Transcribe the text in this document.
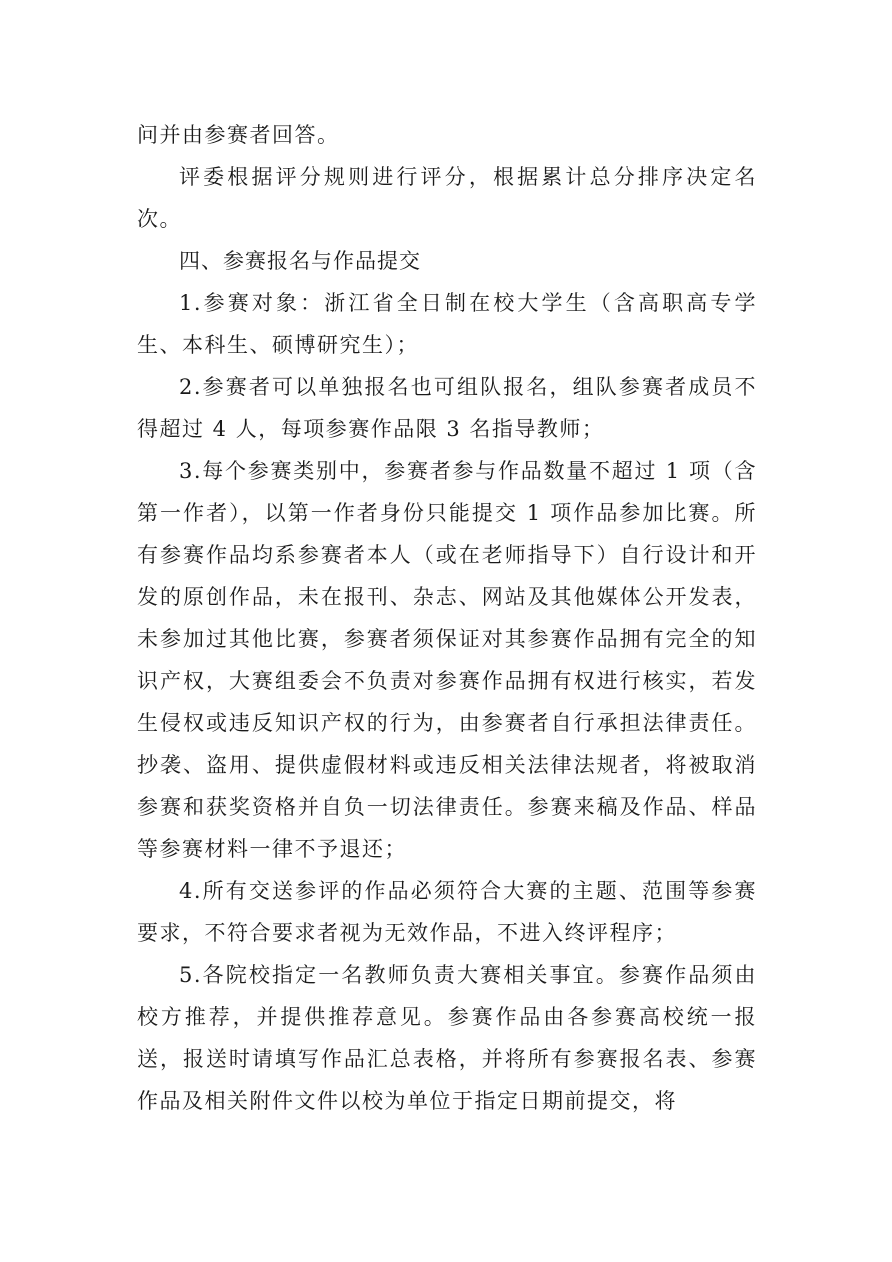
问并由参赛者回答。

评委根据评分规则进行评分，根据累计总分排序决定名次。

四、参赛报名与作品提交

1.参赛对象：浙江省全日制在校大学生（含高职高专学生、本科生、硕博研究生）；

2.参赛者可以单独报名也可组队报名，组队参赛者成员不得超过 4 人，每项参赛作品限 3 名指导教师；

3.每个参赛类别中，参赛者参与作品数量不超过 1 项（含第一作者），以第一作者身份只能提交 1 项作品参加比赛。所有参赛作品均系参赛者本人（或在老师指导下）自行设计和开发的原创作品，未在报刊、杂志、网站及其他媒体公开发表，未参加过其他比赛，参赛者须保证对其参赛作品拥有完全的知识产权，大赛组委会不负责对参赛作品拥有权进行核实，若发生侵权或违反知识产权的行为，由参赛者自行承担法律责任。抄袭、盗用、提供虚假材料或违反相关法律法规者，将被取消参赛和获奖资格并自负一切法律责任。参赛来稿及作品、样品等参赛材料一律不予退还；

4.所有交送参评的作品必须符合大赛的主题、范围等参赛要求，不符合要求者视为无效作品，不进入终评程序；

5.各院校指定一名教师负责大赛相关事宜。参赛作品须由校方推荐，并提供推荐意见。参赛作品由各参赛高校统一报送，报送时请填写作品汇总表格，并将所有参赛报名表、参赛作品及相关附件文件以校为单位于指定日期前提交，将
